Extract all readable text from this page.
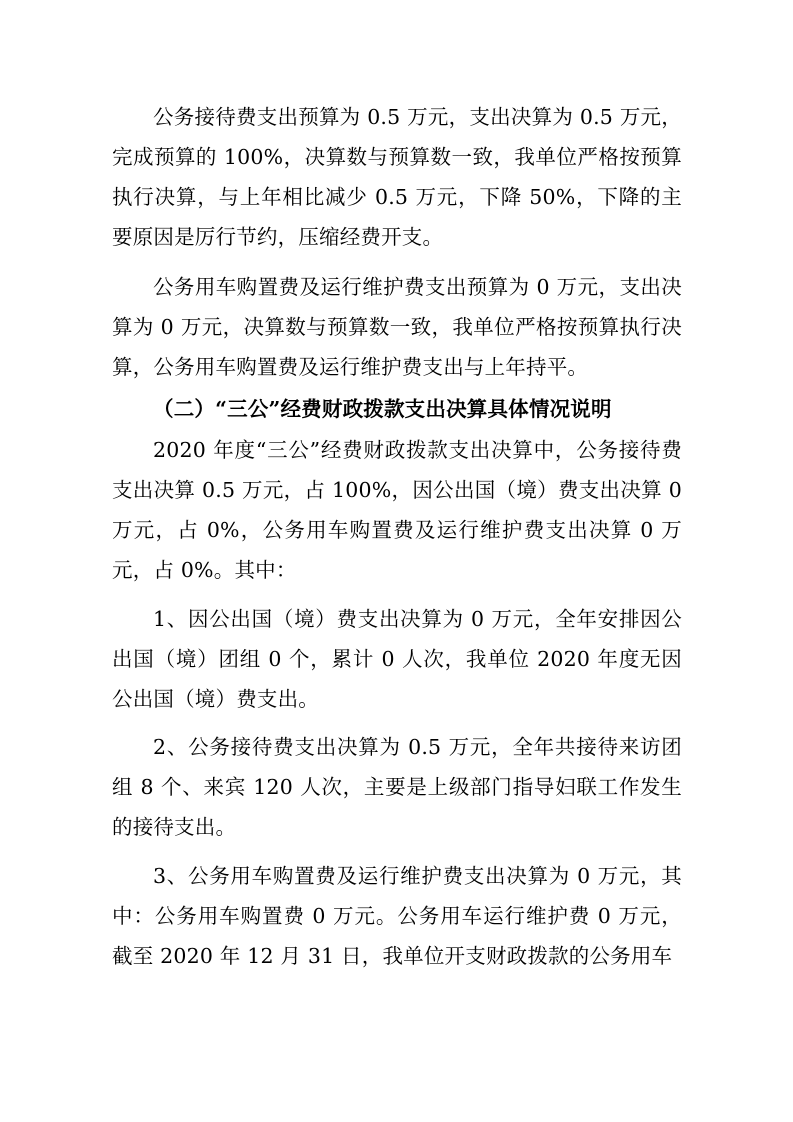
公务接待费支出预算为 0.5 万元，支出决算为 0.5 万元，完成预算的 100%，决算数与预算数一致，我单位严格按预算执行决算，与上年相比减少 0.5 万元，下降 50%，下降的主要原因是厉行节约，压缩经费开支。

公务用车购置费及运行维护费支出预算为 0 万元，支出决算为 0 万元，决算数与预算数一致，我单位严格按预算执行决算，公务用车购置费及运行维护费支出与上年持平。

（二）“三公”经费财政拨款支出决算具体情况说明

2020 年度“三公”经费财政拨款支出决算中，公务接待费支出决算 0.5 万元，占 100%，因公出国（境）费支出决算 0 万元，占 0%，公务用车购置费及运行维护费支出决算 0 万元，占 0%。其中：

1、因公出国（境）费支出决算为 0 万元，全年安排因公出国（境）团组 0 个，累计 0 人次，我单位 2020 年度无因公出国（境）费支出。

2、公务接待费支出决算为 0.5 万元，全年共接待来访团组 8 个、来宾 120 人次，主要是上级部门指导妇联工作发生的接待支出。

3、公务用车购置费及运行维护费支出决算为 0 万元，其中：公务用车购置费 0 万元。公务用车运行维护费 0 万元，截至 2020 年 12 月 31 日，我单位开支财政拨款的公务用车
